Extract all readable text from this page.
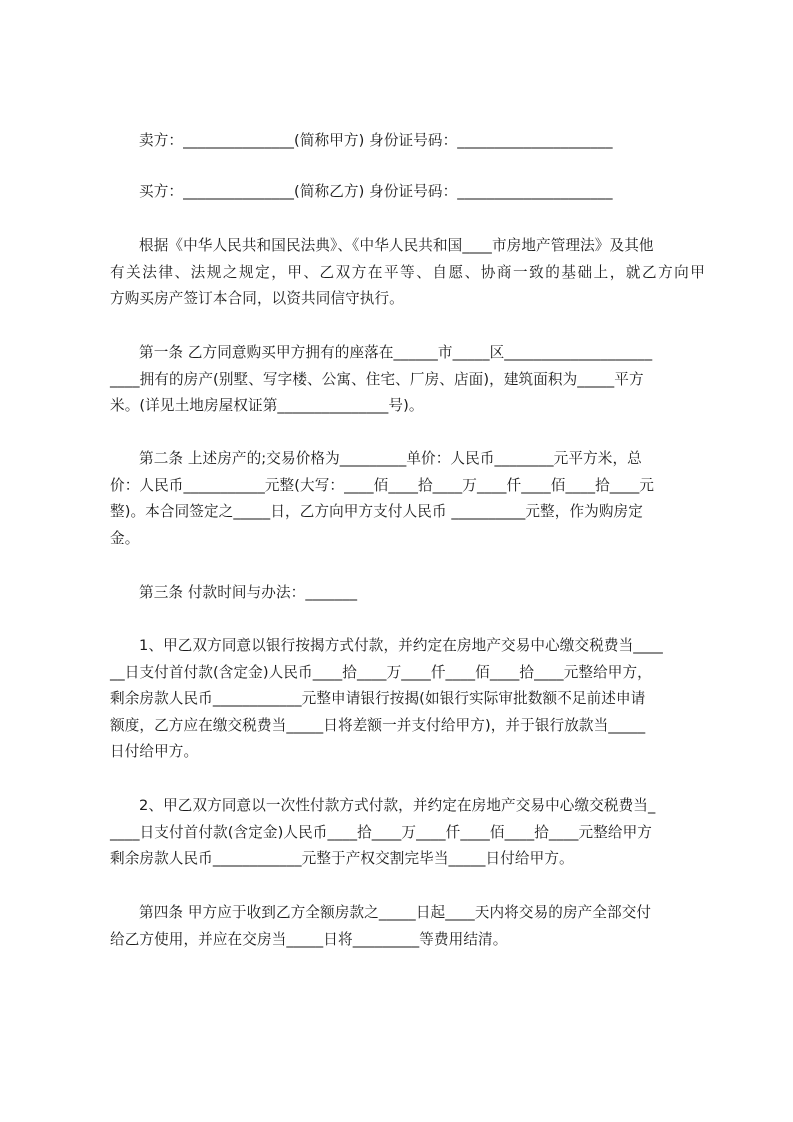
卖方：_______________(简称甲方) 身份证号码：_____________________
买方：_______________(简称乙方) 身份证号码：_____________________
根据《中华人民共和国民法典》、《中华人民共和国____市房地产管理法》及其他
有关法律、法规之规定，甲、乙双方在平等、自愿、协商一致的基础上，就乙方向甲
方购买房产签订本合同，以资共同信守执行。
第一条 乙方同意购买甲方拥有的座落在______市_____区____________________
____拥有的房产(别墅、写字楼、公寓、住宅、厂房、店面)，建筑面积为_____平方
米。(详见土地房屋权证第_______________号)。
第二条 上述房产的;交易价格为_________单价：人民币________元平方米，总
价：人民币___________元整(大写：____佰____拾____万____仟____佰____拾____元
整)。本合同签定之_____日，乙方向甲方支付人民币 __________元整，作为购房定
金。
第三条 付款时间与办法：_______
1、甲乙双方同意以银行按揭方式付款，并约定在房地产交易中心缴交税费当____
__日支付首付款(含定金)人民币____拾____万____仟____佰____拾____元整给甲方，
剩余房款人民币____________元整申请银行按揭(如银行实际审批数额不足前述申请
额度，乙方应在缴交税费当_____日将差额一并支付给甲方)，并于银行放款当_____
日付给甲方。
2、甲乙双方同意以一次性付款方式付款，并约定在房地产交易中心缴交税费当_
____日支付首付款(含定金)人民币____拾____万____仟____佰____拾____元整给甲方
剩余房款人民币____________元整于产权交割完毕当_____日付给甲方。
第四条 甲方应于收到乙方全额房款之_____日起____天内将交易的房产全部交付
给乙方使用，并应在交房当_____日将_________等费用结清。
